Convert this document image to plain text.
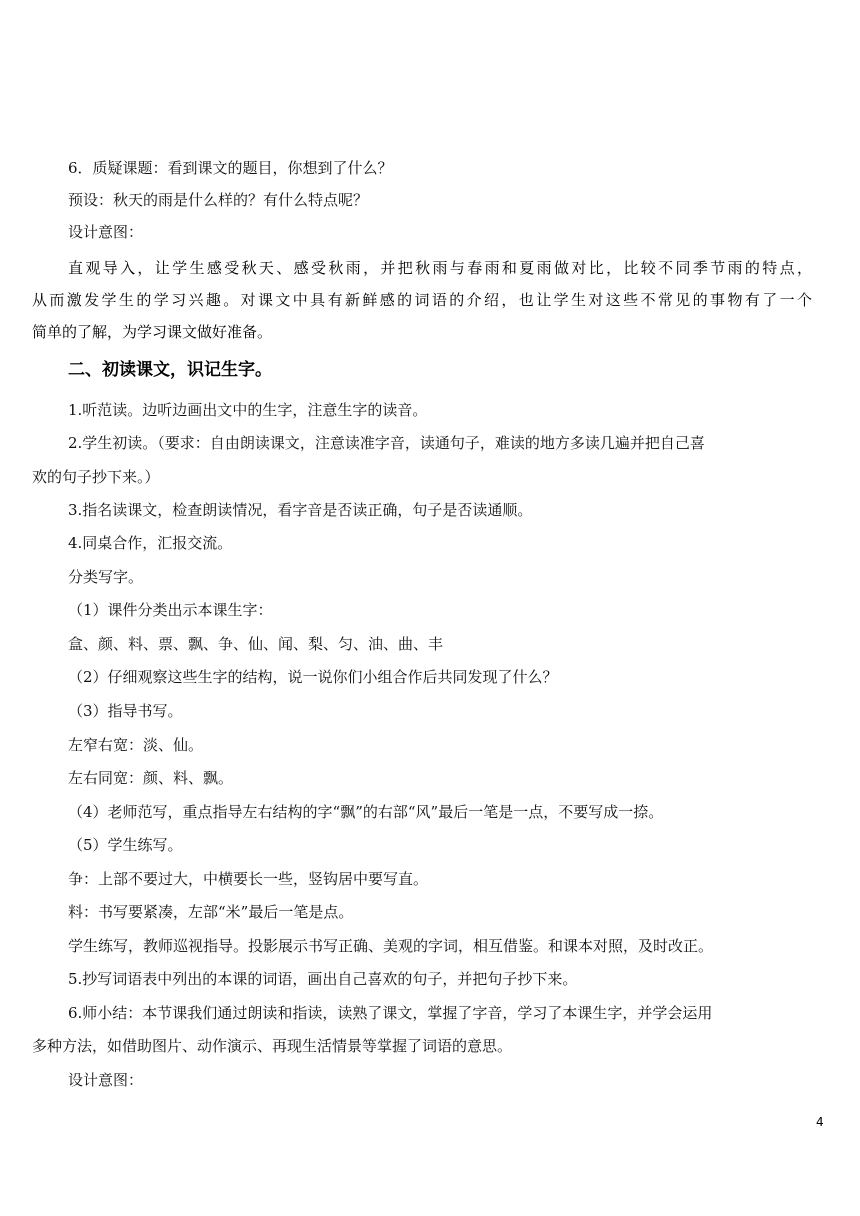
6．质疑课题：看到课文的题目，你想到了什么？
预设：秋天的雨是什么样的？有什么特点呢？
设计意图：
直观导入，让学生感受秋天、感受秋雨，并把秋雨与春雨和夏雨做对比，比较不同季节雨的特点，
从而激发学生的学习兴趣。对课文中具有新鲜感的词语的介绍，也让学生对这些不常见的事物有了一个
简单的了解，为学习课文做好准备。
二、初读课文，识记生字。
1.听范读。边听边画出文中的生字，注意生字的读音。
2.学生初读。（要求：自由朗读课文，注意读准字音，读通句子，难读的地方多读几遍并把自己喜
欢的句子抄下来。）
3.指名读课文，检查朗读情况，看字音是否读正确，句子是否读通顺。
4.同桌合作，汇报交流。
分类写字。
（1）课件分类出示本课生字：
盒、颜、料、票、飘、争、仙、闻、梨、匀、油、曲、丰
（2）仔细观察这些生字的结构，说一说你们小组合作后共同发现了什么？
（3）指导书写。
左窄右宽：淡、仙。
左右同宽：颜、料、飘。
（4）老师范写，重点指导左右结构的字“飘”的右部“风”最后一笔是一点，不要写成一捺。
（5）学生练写。
争：上部不要过大，中横要长一些，竖钩居中要写直。
料：书写要紧凑，左部“米”最后一笔是点。
学生练写，教师巡视指导。投影展示书写正确、美观的字词，相互借鉴。和课本对照，及时改正。
5.抄写词语表中列出的本课的词语，画出自己喜欢的句子，并把句子抄下来。
6.师小结：本节课我们通过朗读和指读，读熟了课文，掌握了字音，学习了本课生字，并学会运用
多种方法，如借助图片、动作演示、再现生活情景等掌握了词语的意思。
设计意图：
4
